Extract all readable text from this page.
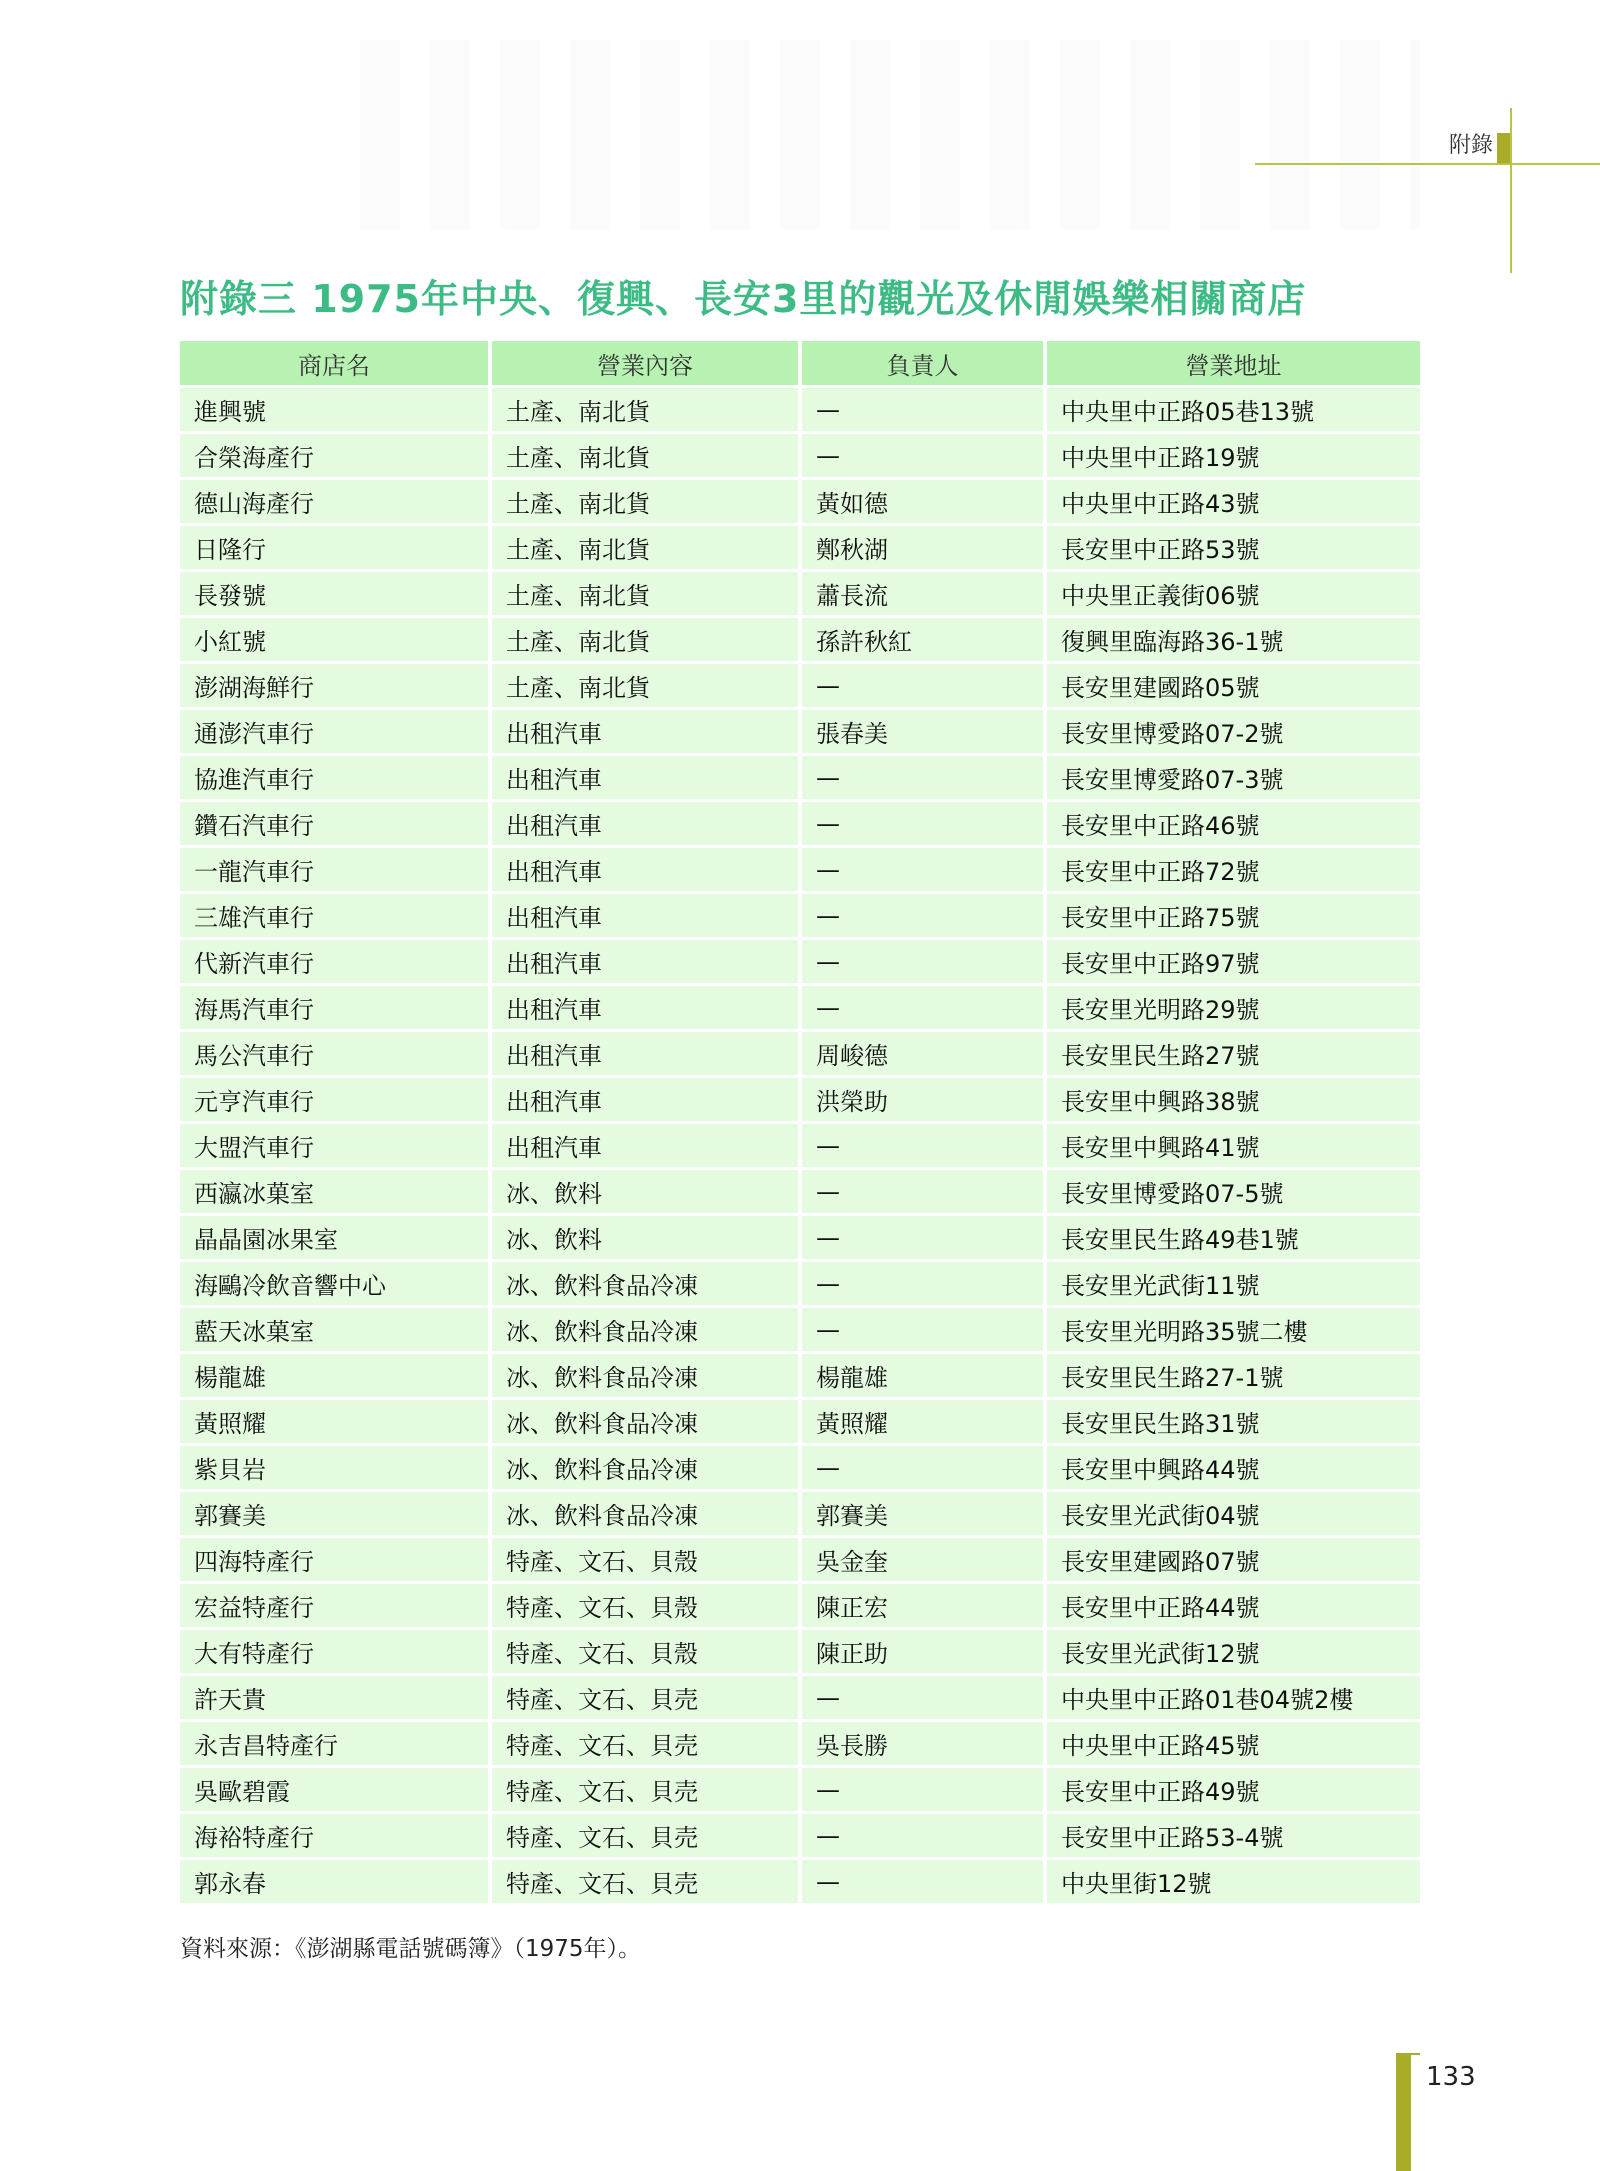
附錄
附錄三 1975年中央、復興、長安3里的觀光及休閒娛樂相關商店
商店名	營業內容	負責人	營業地址
進興號	土產、南北貨	—	中央里中正路05巷13號
合榮海產行	土產、南北貨	—	中央里中正路19號
德山海產行	土產、南北貨	黃如德	中央里中正路43號
日隆行	土產、南北貨	鄭秋湖	長安里中正路53號
長發號	土產、南北貨	蕭長流	中央里正義街06號
小紅號	土產、南北貨	孫許秋紅	復興里臨海路36-1號
澎湖海鮮行	土產、南北貨	—	長安里建國路05號
通澎汽車行	出租汽車	張春美	長安里博愛路07-2號
協進汽車行	出租汽車	—	長安里博愛路07-3號
鑽石汽車行	出租汽車	—	長安里中正路46號
一龍汽車行	出租汽車	—	長安里中正路72號
三雄汽車行	出租汽車	—	長安里中正路75號
代新汽車行	出租汽車	—	長安里中正路97號
海馬汽車行	出租汽車	—	長安里光明路29號
馬公汽車行	出租汽車	周峻德	長安里民生路27號
元亨汽車行	出租汽車	洪榮助	長安里中興路38號
大盟汽車行	出租汽車	—	長安里中興路41號
西瀛冰菓室	冰、飲料	—	長安里博愛路07-5號
晶晶園冰果室	冰、飲料	—	長安里民生路49巷1號
海鷗冷飲音響中心	冰、飲料食品冷凍	—	長安里光武街11號
藍天冰菓室	冰、飲料食品冷凍	—	長安里光明路35號二樓
楊龍雄	冰、飲料食品冷凍	楊龍雄	長安里民生路27-1號
黃照耀	冰、飲料食品冷凍	黃照耀	長安里民生路31號
紫貝岩	冰、飲料食品冷凍	—	長安里中興路44號
郭賽美	冰、飲料食品冷凍	郭賽美	長安里光武街04號
四海特產行	特產、文石、貝殼	吳金奎	長安里建國路07號
宏益特產行	特產、文石、貝殼	陳正宏	長安里中正路44號
大有特產行	特產、文石、貝殼	陳正助	長安里光武街12號
許天貴	特產、文石、貝売	—	中央里中正路01巷04號2樓
永吉昌特產行	特產、文石、貝売	吳長勝	中央里中正路45號
吳歐碧霞	特產、文石、貝売	—	長安里中正路49號
海裕特產行	特產、文石、貝売	—	長安里中正路53-4號
郭永春	特產、文石、貝売	—	中央里街12號
資料來源：《澎湖縣電話號碼簿》（1975年）。
133
